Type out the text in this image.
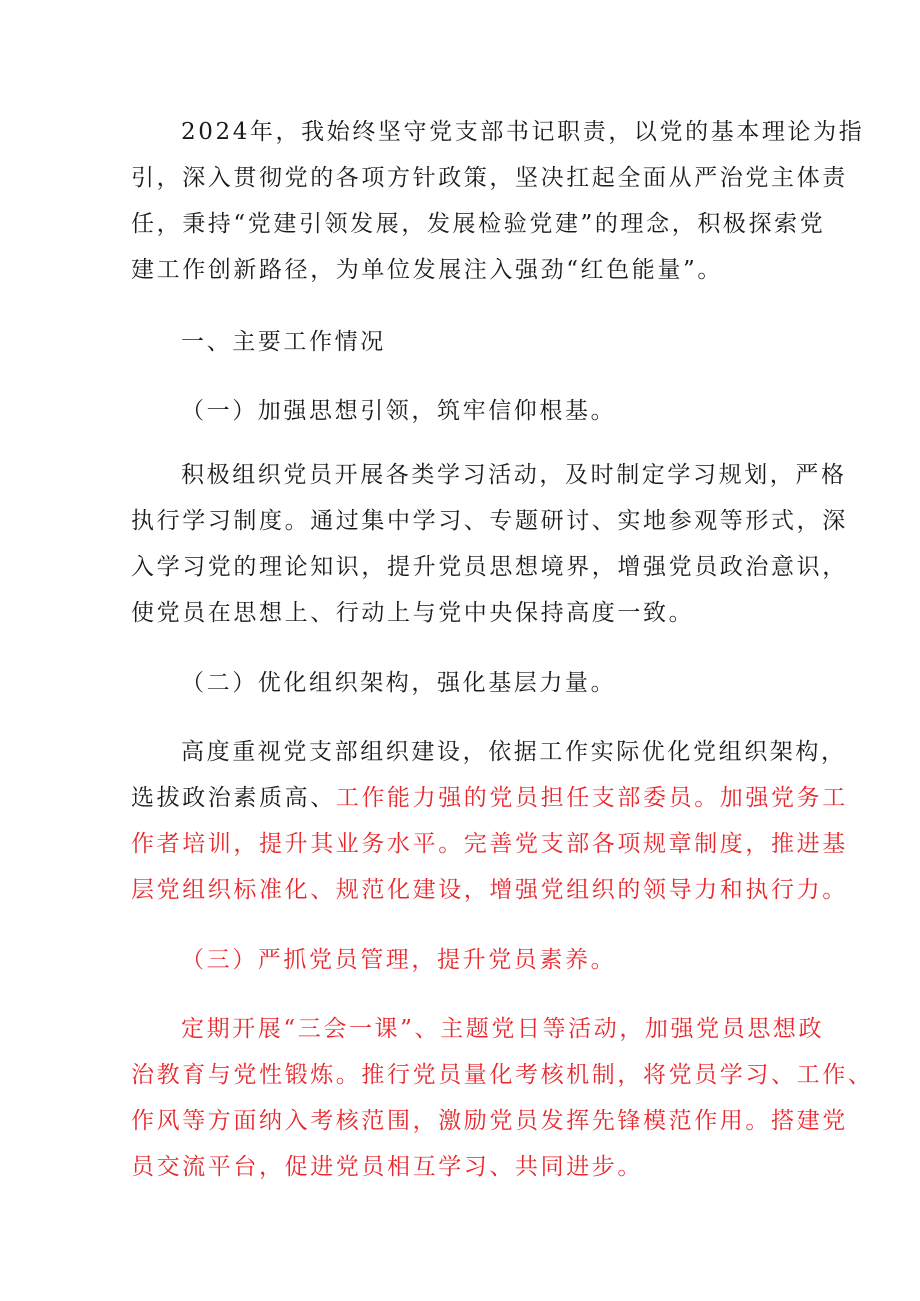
2024年，我始终坚守党支部书记职责，以党的基本理论为指
引，深入贯彻党的各项方针政策，坚决扛起全面从严治党主体责
任，秉持“党建引领发展，发展检验党建”的理念，积极探索党
建工作创新路径，为单位发展注入强劲“红色能量”。
一、主要工作情况
（一）加强思想引领，筑牢信仰根基。
积极组织党员开展各类学习活动，及时制定学习规划，严格
执行学习制度。通过集中学习、专题研讨、实地参观等形式，深
入学习党的理论知识，提升党员思想境界，增强党员政治意识，
使党员在思想上、行动上与党中央保持高度一致。
（二）优化组织架构，强化基层力量。
高度重视党支部组织建设，依据工作实际优化党组织架构，
选拔政治素质高、工作能力强的党员担任支部委员。加强党务工
作者培训，提升其业务水平。完善党支部各项规章制度，推进基
层党组织标准化、规范化建设，增强党组织的领导力和执行力。
（三）严抓党员管理，提升党员素养。
定期开展“三会一课”、主题党日等活动，加强党员思想政
治教育与党性锻炼。推行党员量化考核机制，将党员学习、工作、
作风等方面纳入考核范围，激励党员发挥先锋模范作用。搭建党
员交流平台，促进党员相互学习、共同进步。
